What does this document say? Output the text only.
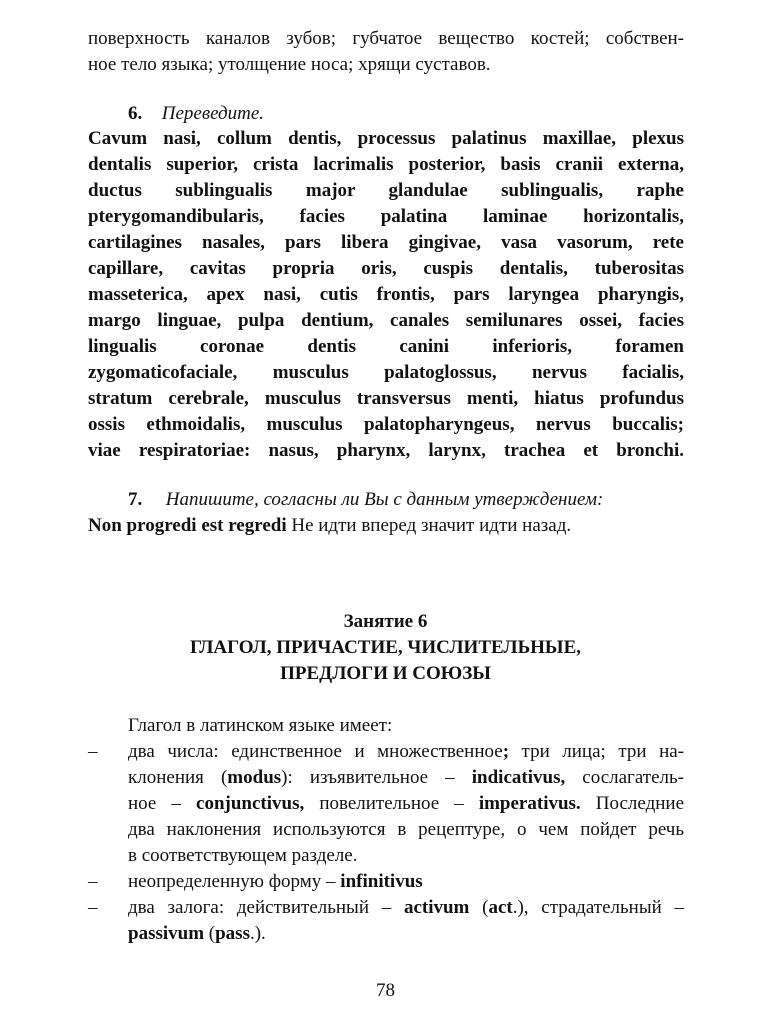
поверхность каналов зубов; губчатое вещество костей; собствен-
ное тело языка; утолщение носа; хрящи суставов.
6. Переведите.
Cavum nasi, collum dentis, processus palatinus maxillae, plexus
dentalis superior, crista lacrimalis posterior, basis cranii externa,
ductus sublingualis major glandulae sublingualis, raphe
pterygomandibularis, facies palatina laminae horizontalis,
cartilagines nasales, pars libera gingivae, vasa vasorum, rete
capillare, cavitas propria oris, cuspis dentalis, tuberositas
masseterica, apex nasi, cutis frontis, pars laryngea pharyngis,
margo linguae, pulpa dentium, canales semilunares ossei, facies
lingualis coronae dentis canini inferioris, foramen
zygomaticofaciale, musculus palatoglossus, nervus facialis,
stratum cerebrale, musculus transversus menti, hiatus profundus
ossis ethmoidalis, musculus palatopharyngeus, nervus buccalis;
viae respiratoriae: nasus, pharynx, larynx, trachea et bronchi.
7. Напишите, согласны ли Вы с данным утверждением:
Non progredi est regredi Не идти вперед значит идти назад.
Занятие 6
ГЛАГОЛ, ПРИЧАСТИЕ, ЧИСЛИТЕЛЬНЫЕ,
ПРЕДЛОГИ И СОЮЗЫ
Глагол в латинском языке имеет:
– два числа: единственное и множественное; три лица; три на-
клонения (modus): изъявительное – indicativus, сослагатель-
ное – conjunctivus, повелительное – imperativus. Последние
два наклонения используются в рецептуре, о чем пойдет речь
в соответствующем разделе.
– неопределенную форму – infinitivus
– два залога: действительный – activum (act.), страдательный –
passivum (pass.).
78
